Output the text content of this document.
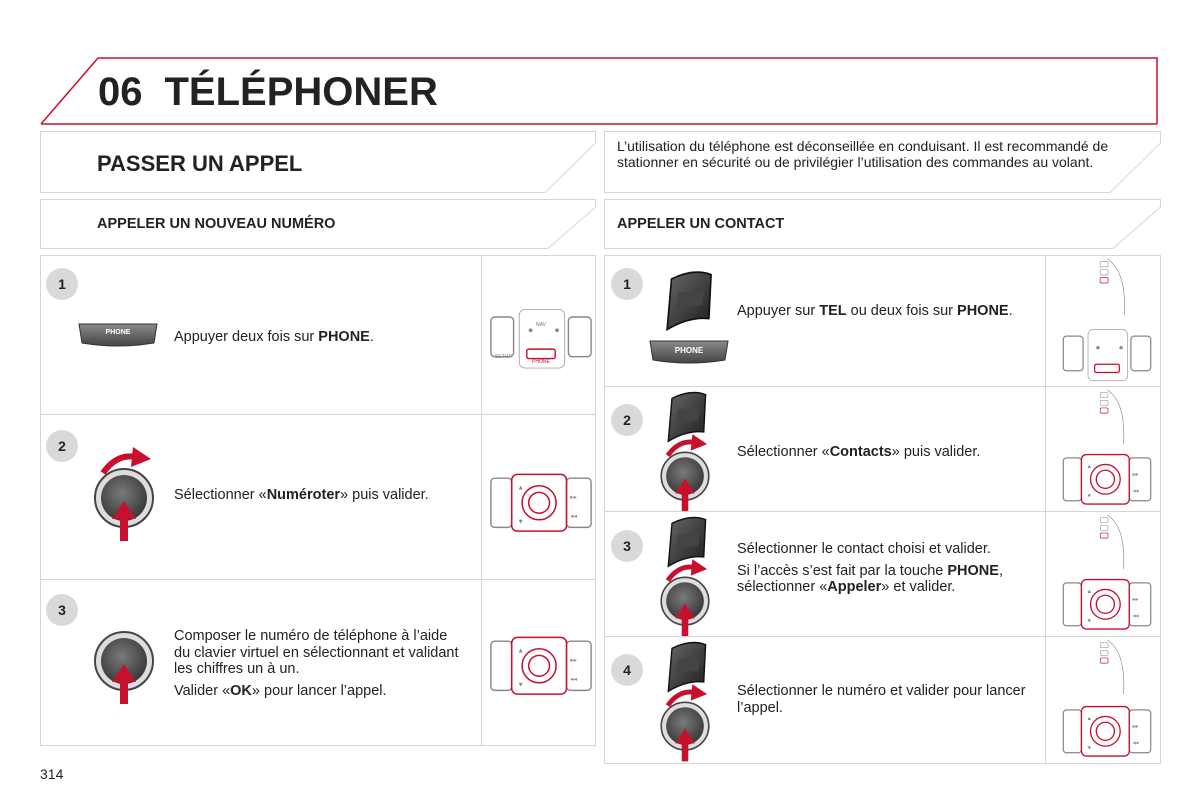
06 TÉLÉPHONER
PASSER UN APPEL
L’utilisation du téléphone est déconseillée en conduisant. Il est recommandé de stationner en sécurité ou de privilégier l’utilisation des commandes au volant.
APPELER UN NOUVEAU NUMÉRO	APPELER UN CONTACT
1
PHONE	Appuyer deux fois sur PHONE.
NAV
SETUP
PHONE
2
Sélectionner «Numéroter» puis valider.
3

Composer le numéro de téléphone à l’aide du clavier virtuel en sélectionnant et validant les chiffres un à un.

Valider «OK» pour lancer l’appel.

1
PHONE
Appuyer sur TEL ou deux fois sur PHONE.
2
Sélectionner «Contacts» puis valider.
3	Sélectionner le contact choisi et valider.

Si l’accès s’est fait par la touche PHONE, sélectionner «Appeler» et valider.

4
Sélectionner le numéro et valider pour lancer l’appel.
314
